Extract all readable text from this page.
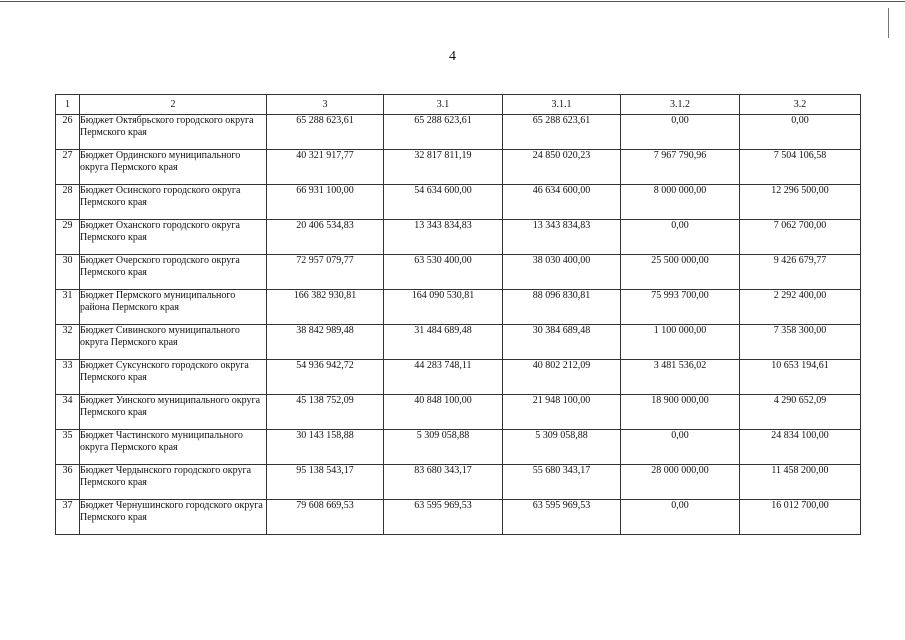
4
1	2	3	3.1	3.1.1	3.1.2	3.2
26	Бюджет Октябрьского городского округа Пермского края	65 288 623,61	65 288 623,61	65 288 623,61	0,00	0,00
27	Бюджет Ординского муниципального округа Пермского края	40 321 917,77	32 817 811,19	24 850 020,23	7 967 790,96	7 504 106,58
28	Бюджет Осинского городского округа Пермского края	66 931 100,00	54 634 600,00	46 634 600,00	8 000 000,00	12 296 500,00
29	Бюджет Оханского городского округа Пермского края	20 406 534,83	13 343 834,83	13 343 834,83	0,00	7 062 700,00
30	Бюджет Очерского городского округа Пермского края	72 957 079,77	63 530 400,00	38 030 400,00	25 500 000,00	9 426 679,77
31	Бюджет Пермского муниципального района Пермского края	166 382 930,81	164 090 530,81	88 096 830,81	75 993 700,00	2 292 400,00
32	Бюджет Сивинского муниципального округа Пермского края	38 842 989,48	31 484 689,48	30 384 689,48	1 100 000,00	7 358 300,00
33	Бюджет Суксунского городского округа Пермского края	54 936 942,72	44 283 748,11	40 802 212,09	3 481 536,02	10 653 194,61
34	Бюджет Уинского муниципального округа Пермского края	45 138 752,09	40 848 100,00	21 948 100,00	18 900 000,00	4 290 652,09
35	Бюджет Частинского муниципального округа Пермского края	30 143 158,88	5 309 058,88	5 309 058,88	0,00	24 834 100,00
36	Бюджет Чердынского городского округа Пермского края	95 138 543,17	83 680 343,17	55 680 343,17	28 000 000,00	11 458 200,00
37	Бюджет Чернушинского городского округа Пермского края	79 608 669,53	63 595 969,53	63 595 969,53	0,00	16 012 700,00
